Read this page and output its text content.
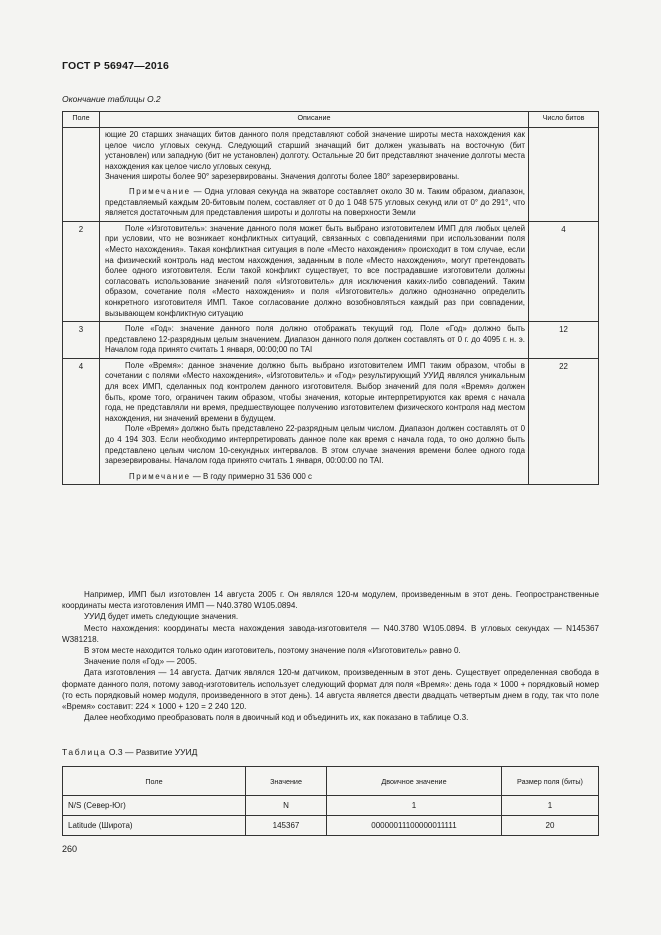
ГОСТ Р 56947—2016
Окончание таблицы О.2
Поле	Описание	Число битов

	ющие 20 старших значащих битов данного поля представляют собой значение широты места нахождения как целое число угловых секунд. Следующий старший значащий бит должен указывать на восточную (бит установлен) или западную (бит не установлен) долготу. Остальные 20 бит представляют значение долготы места нахождения как целое число угловых секунд.

Значения широты более 90° зарезервированы. Значения долготы более 180° зарезервированы.

Примечание — Одна угловая секунда на экваторе составляет около 30 м. Таким образом, диапазон, представляемый каждым 20-битовым полем, составляет от 0 до 1 048 575 угловых секунд или от 0° до 291°, что является достаточным для представления широты и долготы на поверхности Земли	

2	Поле «Изготовитель»: значение данного поля может быть выбрано изготовителем ИМП для любых целей при условии, что не возникает конфликтных ситуаций, связанных с совпадениями при использовании поля «Место нахождения». Такая конфликтная ситуация в поле «Место нахождения» происходит в том случае, если на физический контроль над местом нахождения, заданным в поле «Место нахождения», могут претендовать более одного изготовителя. Если такой конфликт существует, то все пострадавшие изготовители должны согласовать использование значений поля «Изготовитель» для исключения каких-либо совпадений. Таким образом, сочетание поля «Место нахождения» и поля «Изготовитель» должно однозначно определить конкретного изготовителя ИМП. Такое согласование должно возобновляться каждый раз при совпадении, вызывающем конфликтную ситуацию	4
3	Поле «Год»: значение данного поля должно отображать текущий год. Поле «Год» должно быть представлено 12-разрядным целым значением. Диапазон данного поля должен составлять от 0 г. до 4095 г. н. э. Началом года принято считать 1 января, 00:00;00 по TAI	12
4	Поле «Время»: данное значение должно быть выбрано изготовителем ИМП таким образом, чтобы в сочетании с полями «Место нахождения», «Изготовитель» и «Год» результирующий УУИД являлся уникальным для всех ИМП, сделанных под контролем данного изготовителя. Выбор значений для поля «Время» должен быть, кроме того, ограничен таким образом, чтобы значения, которые интерпретируются как время с начала года, не представляли ни время, предшествующее получению изготовителем физического контроля над местом нахождения, ни значений времени в будущем.

Поле «Время» должно быть представлено 22-разрядным целым числом. Диапазон должен составлять от 0 до 4 194 303. Если необходимо интерпретировать данное поле как время с начала года, то оно должно быть представлено целым числом 10-секундных интервалов. В этом случае значения времени более одного года зарезервированы. Началом года принято считать 1 января, 00:00:00 по TAI.

Примечание — В году примерно 31 536 000 с	22

Например, ИМП был изготовлен 14 августа 2005 г. Он являлся 120-м модулем, произведенным в этот день. Геопространственные координаты места изготовления ИМП — N40.3780 W105.0894.

УУИД будет иметь следующие значения.

Место нахождения: координаты места нахождения завода-изготовителя — N40.3780 W105.0894. В угловых секундах — N145367 W381218.

В этом месте находится только один изготовитель, поэтому значение поля «Изготовитель» равно 0.

Значение поля «Год» — 2005.

Дата изготовления — 14 августа. Датчик являлся 120-м датчиком, произведенным в этот день. Существует определенная свобода в формате данного поля, потому завод-изготовитель использует следующий формат для поля «Время»: день года × 1000 + порядковый номер (то есть порядковый номер модуля, произведенного в этот день). 14 августа является двести двадцать четвертым днем в году, так что поле «Время» составит: 224 × 1000 + 120 = 2 240 120.

Далее необходимо преобразовать поля в двоичный код и объединить их, как показано в таблице О.3.

Таблица О.3 — Развитие УУИД
Поле	Значение	Двоичное значение	Размер поля (биты)
N/S (Север-Юг)	N	1	1
Latitude (Широта)	145367	00000011100000011111	20
260
